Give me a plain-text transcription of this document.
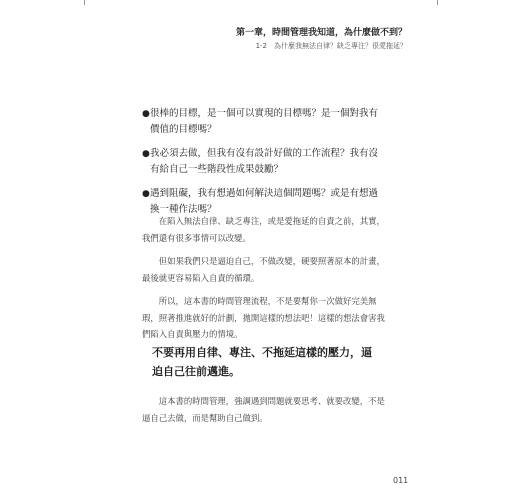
第一章，時間管理我知道，為什麼做不到？
1-2　為什麼我無法自律？缺乏專注？很愛拖延？
● 很棒的目標，是一個可以實現的目標嗎？是一個對我有價值的目標嗎？
● 我必須去做，但我有沒有設計好做的工作流程？我有沒有給自己一些階段性成果鼓勵？
● 遇到阻礙，我有想過如何解決這個問題嗎？或是有想過換一種作法嗎？

在陷入無法自律、缺乏專注，或是愛拖延的自責之前，其實，我們還有很多事情可以改變。

但如果我們只是逼迫自己，不做改變，硬要照著原本的計畫，最後就更容易陷入自責的循環。

所以，這本書的時間管理流程，不是要幫你一次做好完美無瑕，照著推進就好的計劃，拋開這樣的想法吧！這樣的想法會害我們陷入自責與壓力的情境。

不要再用自律、專注、不拖延這樣的壓力，逼迫自己往前邁進。

這本書的時間管理，強調遇到問題就要思考、就要改變，不是逼自己去做，而是幫助自己做到。

011
